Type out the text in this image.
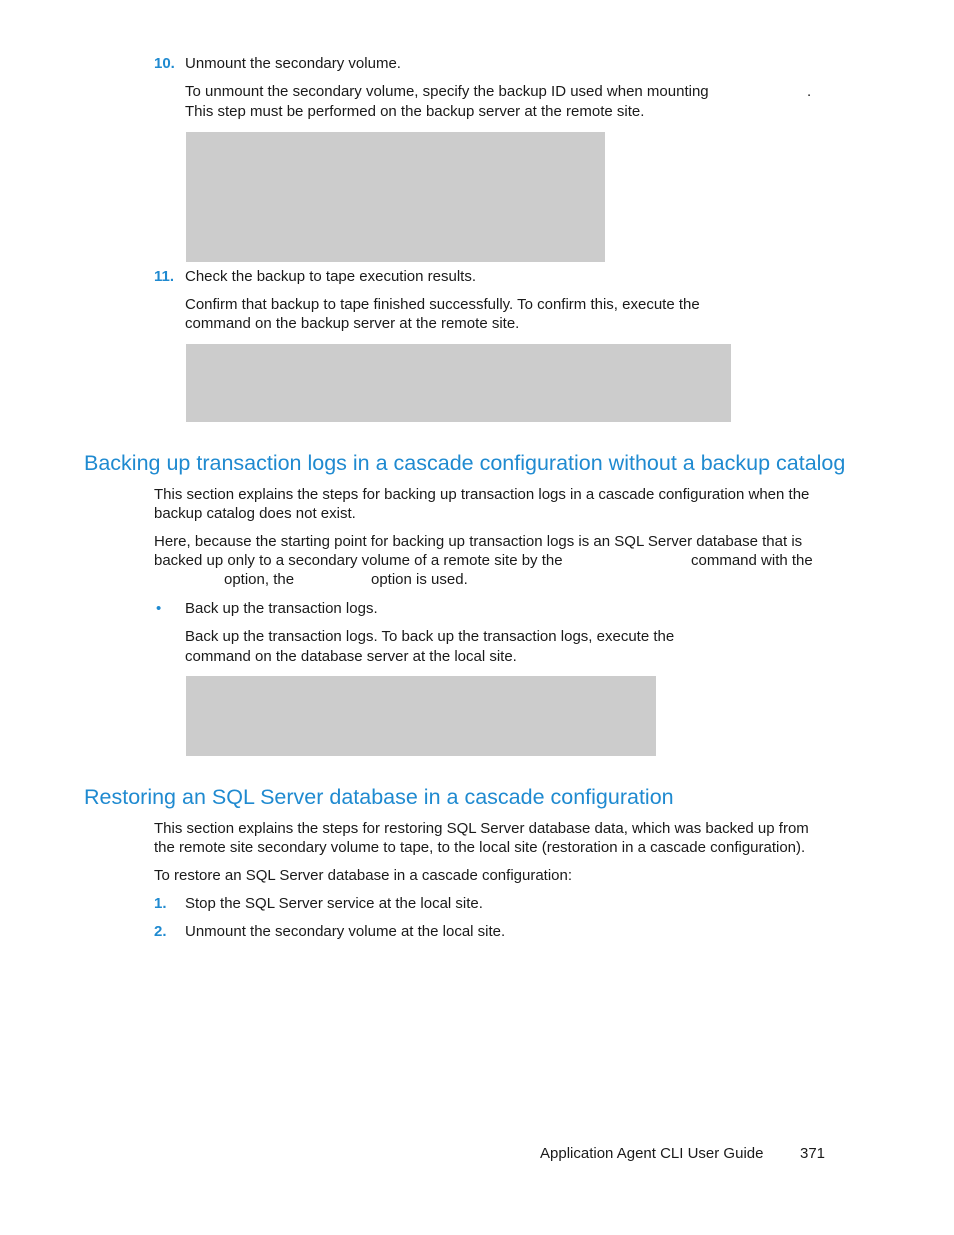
10. Unmount the secondary volume.
To unmount the secondary volume, specify the backup ID used when mounting	.
This step must be performed on the backup server at the remote site.
11. Check the backup to tape execution results.
Confirm that backup to tape finished successfully. To confirm this, execute the
command on the backup server at the remote site.
Backing up transaction logs in a cascade configuration without a backup catalog
This section explains the steps for backing up transaction logs in a cascade configuration when the
backup catalog does not exist.
Here, because the starting point for backing up transaction logs is an SQL Server database that is
backed up only to a secondary volume of a remote site by the	command with the
option, the	option is used.
• Back up the transaction logs.
Back up the transaction logs. To back up the transaction logs, execute the
command on the database server at the local site.
Restoring an SQL Server database in a cascade configuration
This section explains the steps for restoring SQL Server database data, which was backed up from
the remote site secondary volume to tape, to the local site (restoration in a cascade configuration).
To restore an SQL Server database in a cascade configuration:
1. Stop the SQL Server service at the local site.
2. Unmount the secondary volume at the local site.
Application Agent CLI User Guide 371
